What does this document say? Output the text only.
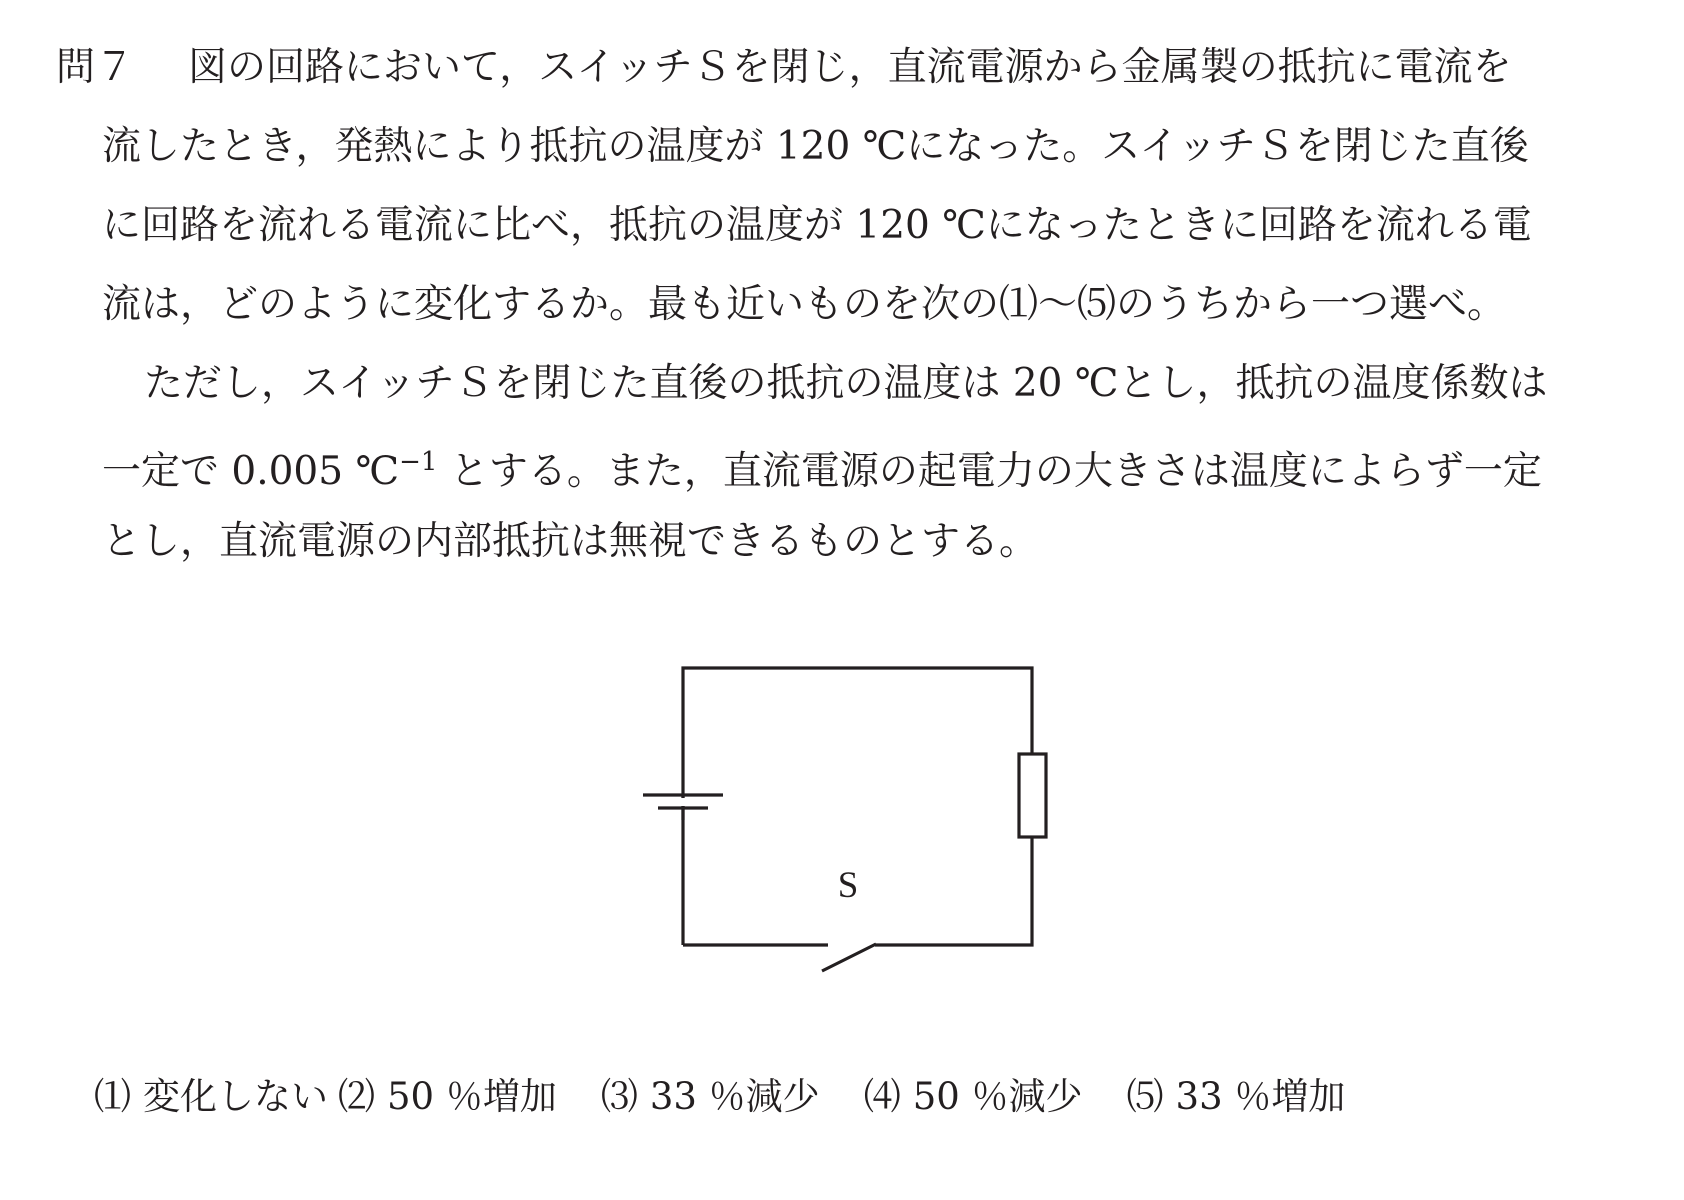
問７ 図の回路において，スイッチＳを閉じ，直流電源から金属製の抵抗に電流を

流したとき，発熱により抵抗の温度が 120 ℃になった。スイッチＳを閉じた直後

に回路を流れる電流に比べ，抵抗の温度が 120 ℃になったときに回路を流れる電

流は，どのように変化するか。最も近いものを次の⑴～⑸のうちから一つ選べ。

ただし，スイッチＳを閉じた直後の抵抗の温度は 20 ℃とし，抵抗の温度係数は

一定で 0.005 ℃$^{-1}$ とする。また，直流電源の起電力の大きさは温度によらず一定

とし，直流電源の内部抵抗は無視できるものとする。

S
⑴ 変化しない ⑵ 50 ％増加 ⑶ 33 ％減少 ⑷ 50 ％減少 ⑸ 33 ％増加
